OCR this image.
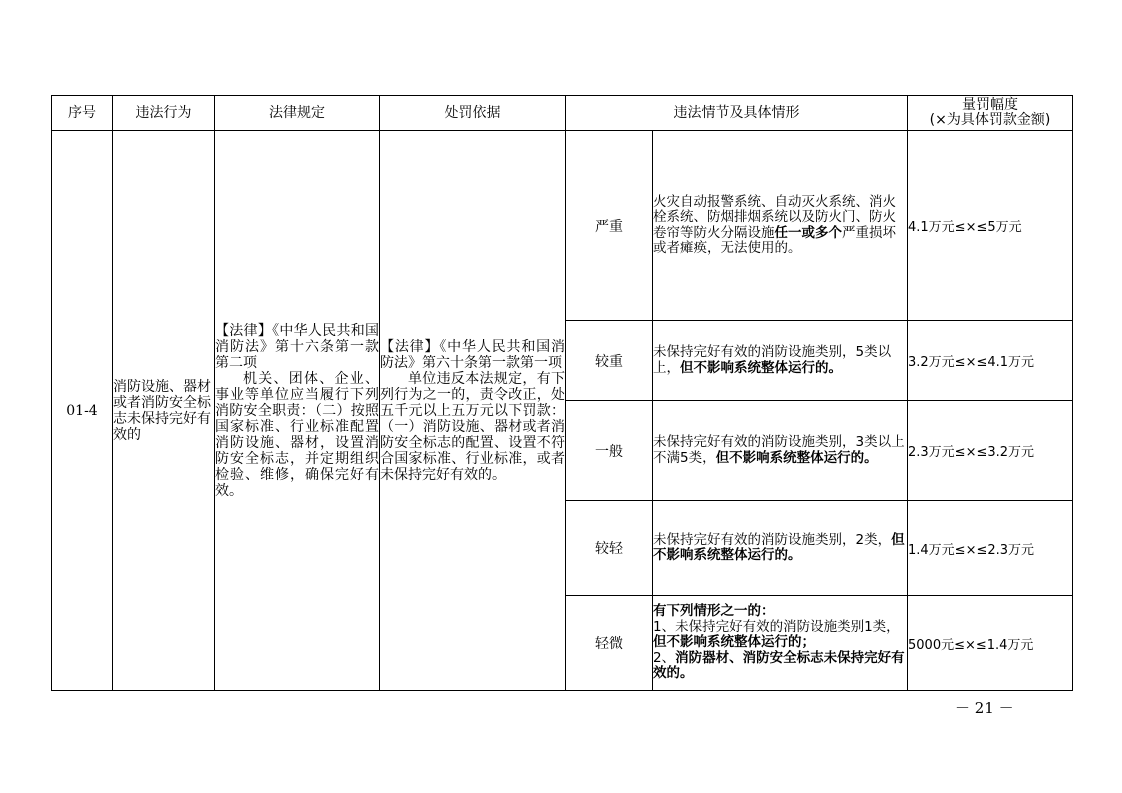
序号	违法行为	法律规定	处罚依据	违法情节及具体情形		量罚幅度
(×为具体罚款金额)

01-4	消防设施、器材或者消防安全标志未保持完好有效的	【法律】《中华人民共和国消防法》第十六条第一款第二项
机关、团体、企业、事业等单位应当履行下列消防安全职责：（二）按照国家标准、行业标准配置消防设施、器材，设置消防安全标志，并定期组织检验、维修，确保完好有效。	【法律】《中华人民共和国消防法》第六十条第一款第一项
单位违反本法规定，有下列行为之一的，责令改正，处五千元以上五万元以下罚款：（一）消防设施、器材或者消防安全标志的配置、设置不符合国家标准、行业标准，或者未保持完好有效的。	严重	火灾自动报警系统、自动灭火系统、消火栓系统、防烟排烟系统以及防火门、防火卷帘等防火分隔设施任一或多个严重损坏或者瘫痪，无法使用的。	4.1万元≤×≤5万元
				较重	未保持完好有效的消防设施类别，5类以上，但不影响系统整体运行的。	3.2万元≤×≤4.1万元
				一般	未保持完好有效的消防设施类别，3类以上不满5类，但不影响系统整体运行的。	2.3万元≤×≤3.2万元
				较轻	未保持完好有效的消防设施类别，2类，但不影响系统整体运行的。	1.4万元≤×≤2.3万元
				轻微	有下列情形之一的：
1、未保持完好有效的消防设施类别1类，但不影响系统整体运行的；
2、消防器材、消防安全标志未保持完好有效的。	5000元≤×≤1.4万元
－ 21 －
